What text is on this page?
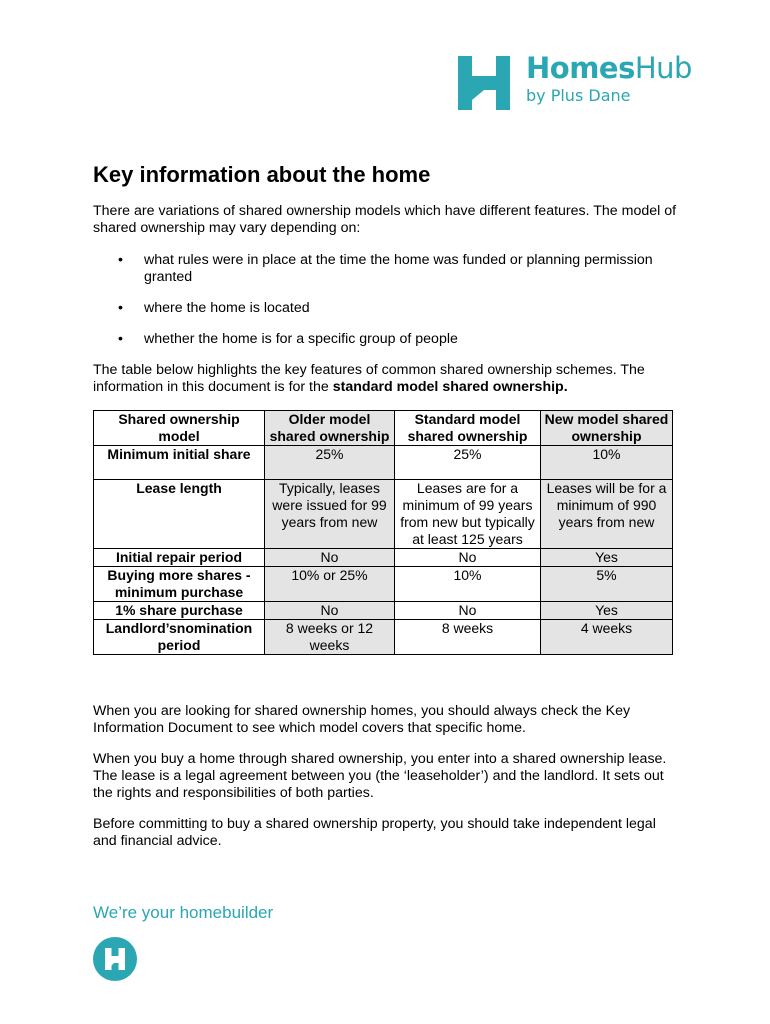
HomesHub
by Plus Dane
Key information about the home

There are variations of shared ownership models which have different features. The model of shared ownership may vary depending on:

• what rules were in place at the time the home was funded or planning permission granted
• where the home is located
• whether the home is for a specific group of people

The table below highlights the key features of common shared ownership schemes. The information in this document is for the standard model shared ownership.

Shared ownership model	Older model shared ownership	Standard model shared ownership	New model shared ownership
Minimum initial share	25%	25%	10%
Lease length	Typically, leases were issued for 99 years from new	Leases are for a minimum of 99 years from new but typically at least 125 years	Leases will be for a minimum of 990 years from new
Initial repair period	No	No	Yes
Buying more shares - minimum purchase	10% or 25%	10%	5%
1% share purchase	No	No	Yes
Landlord’snomination period	8 weeks or 12 weeks	8 weeks	4 weeks

When you are looking for shared ownership homes, you should always check the Key Information Document to see which model covers that specific home.

When you buy a home through shared ownership, you enter into a shared ownership lease. The lease is a legal agreement between you (the ‘leaseholder’) and the landlord. It sets out the rights and responsibilities of both parties.

Before committing to buy a shared ownership property, you should take independent legal and financial advice.

We’re your homebuilder
